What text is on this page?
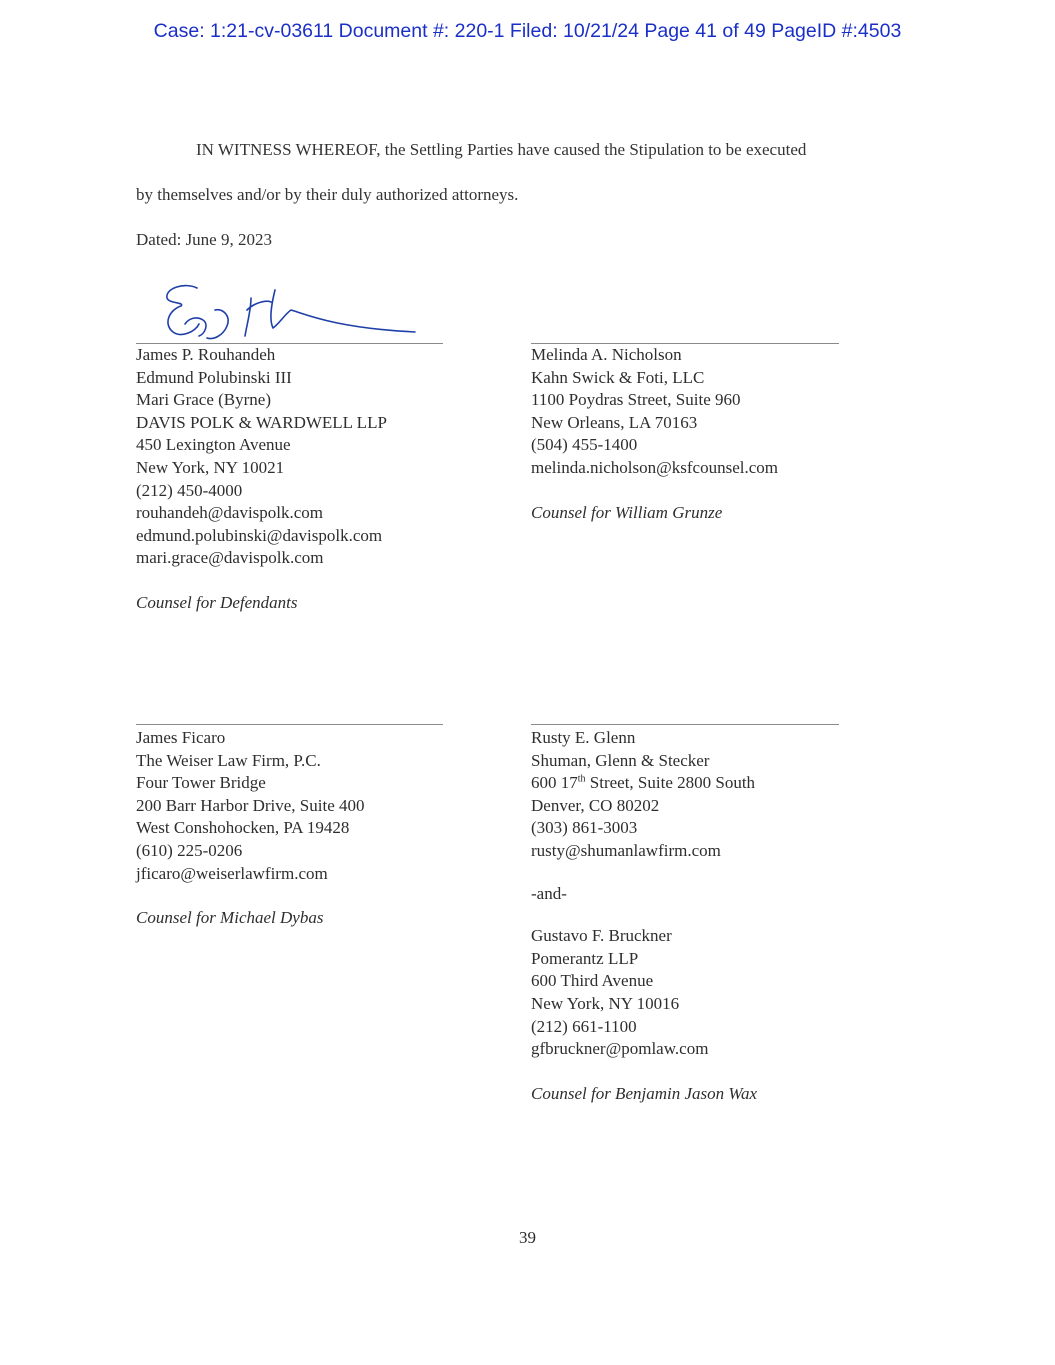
Case: 1:21-cv-03611 Document #: 220-1 Filed: 10/21/24 Page 41 of 49 PageID #:4503
IN WITNESS WHEREOF, the Settling Parties have caused the Stipulation to be executed
by themselves and/or by their duly authorized attorneys.
Dated: June 9, 2023
James P. Rouhandeh
Edmund Polubinski III
Mari Grace (Byrne)
DAVIS POLK & WARDWELL LLP
450 Lexington Avenue
New York, NY 10021
(212) 450-4000
rouhandeh@davispolk.com
edmund.polubinski@davispolk.com
mari.grace@davispolk.com
Counsel for Defendants
Melinda A. Nicholson
Kahn Swick & Foti, LLC
1100 Poydras Street, Suite 960
New Orleans, LA 70163
(504) 455-1400
melinda.nicholson@ksfcounsel.com
Counsel for William Grunze
James Ficaro
The Weiser Law Firm, P.C.
Four Tower Bridge
200 Barr Harbor Drive, Suite 400
West Conshohocken, PA 19428
(610) 225-0206
jficaro@weiserlawfirm.com
Counsel for Michael Dybas
Rusty E. Glenn
Shuman, Glenn & Stecker
600 17th Street, Suite 2800 South
Denver, CO 80202
(303) 861-3003
rusty@shumanlawfirm.com
-and-
Gustavo F. Bruckner
Pomerantz LLP
600 Third Avenue
New York, NY 10016
(212) 661-1100
gfbruckner@pomlaw.com
Counsel for Benjamin Jason Wax
39
